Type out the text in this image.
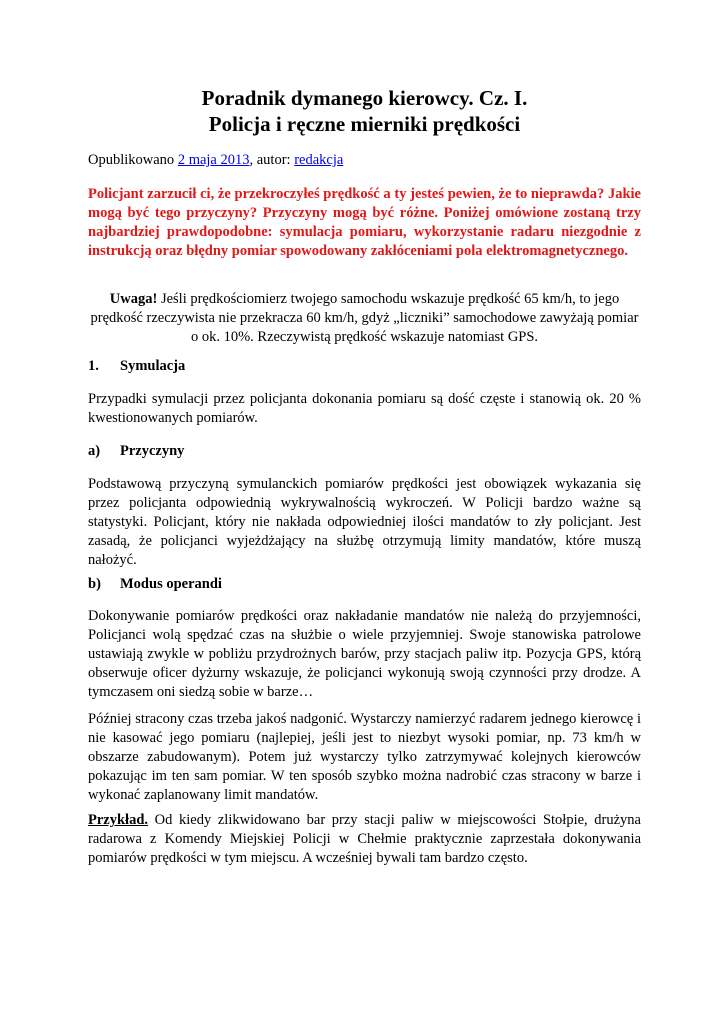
Poradnik dymanego kierowcy. Cz. I.
Policja i ręczne mierniki prędkości
Opublikowano 2 maja 2013, autor: redakcja

Policjant zarzucił ci, że przekroczyłeś prędkość a ty jesteś pewien, że to nieprawda? Jakie mogą być tego przyczyny? Przyczyny mogą być różne. Poniżej omówione zostaną trzy najbardziej prawdopodobne: symulacja pomiaru, wykorzystanie radaru niezgodnie z instrukcją oraz błędny pomiar spowodowany zakłóceniami pola elektromagnetycznego.

Uwaga! Jeśli prędkościomierz twojego samochodu wskazuje prędkość 65 km/h, to jego prędkość rzeczywista nie przekracza 60 km/h, gdyż „liczniki” samochodowe zawyżają pomiar o ok. 10%. Rzeczywistą prędkość wskazuje natomiast GPS.

1. Symulacja

Przypadki symulacji przez policjanta dokonania pomiaru są dość częste i stanowią ok. 20 % kwestionowanych pomiarów.

a) Przyczyny

Podstawową przyczyną symulanckich pomiarów prędkości jest obowiązek wykazania się przez policjanta odpowiednią wykrywalnością wykroczeń. W Policji bardzo ważne są statystyki. Policjant, który nie nakłada odpowiedniej ilości mandatów to zły policjant. Jest zasadą, że policjanci wyjeżdżający na służbę otrzymują limity mandatów, które muszą nałożyć.

b) Modus operandi

Dokonywanie pomiarów prędkości oraz nakładanie mandatów nie należą do przyjemności, Policjanci wolą spędzać czas na służbie o wiele przyjemniej. Swoje stanowiska patrolowe ustawiają zwykle w pobliżu przydrożnych barów, przy stacjach paliw itp. Pozycja GPS, którą obserwuje oficer dyżurny wskazuje, że policjanci wykonują swoją czynności przy drodze. A tymczasem oni siedzą sobie w barze…

Później stracony czas trzeba jakoś nadgonić. Wystarczy namierzyć radarem jednego kierowcę i nie kasować jego pomiaru (najlepiej, jeśli jest to niezbyt wysoki pomiar, np. 73 km/h w obszarze zabudowanym). Potem już wystarczy tylko zatrzymywać kolejnych kierowców pokazując im ten sam pomiar. W ten sposób szybko można nadrobić czas stracony w barze i wykonać zaplanowany limit mandatów.

Przykład. Od kiedy zlikwidowano bar przy stacji paliw w miejscowości Stołpie, drużyna radarowa z Komendy Miejskiej Policji w Chełmie praktycznie zaprzestała dokonywania pomiarów prędkości w tym miejscu. A wcześniej bywali tam bardzo często.
